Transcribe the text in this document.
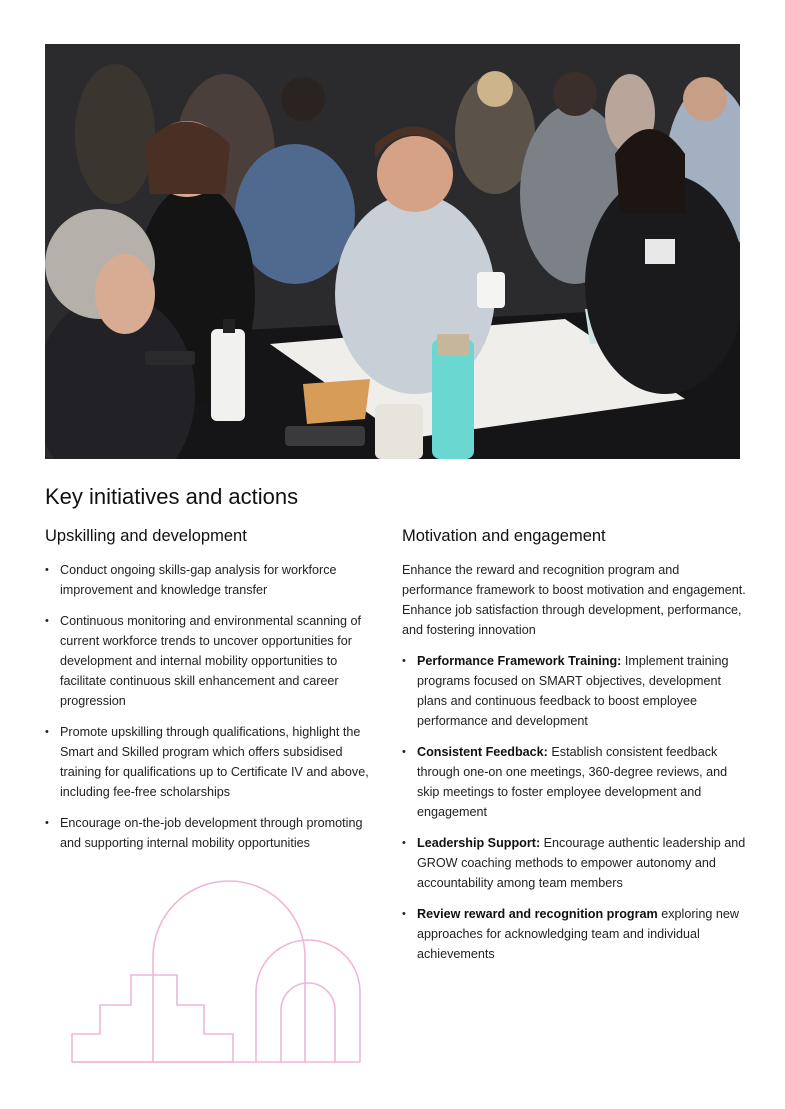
Key initiatives and actions
Upskilling and development
• Conduct ongoing skills-gap analysis for workforce improvement and knowledge transfer
• Continuous monitoring and environmental scanning of current workforce trends to uncover opportunities for development and internal mobility opportunities to facilitate continuous skill enhancement and career progression
• Promote upskilling through qualifications, highlight the Smart and Skilled program which offers subsidised training for qualifications up to Certificate IV and above, including fee-free scholarships
• Encourage on-the-job development through promoting and supporting internal mobility opportunities
Motivation and engagement

Enhance the reward and recognition program and performance framework to boost motivation and engagement. Enhance job satisfaction through development, performance, and fostering innovation

• Performance Framework Training: Implement training programs focused on SMART objectives, development plans and continuous feedback to boost employee performance and development
• Consistent Feedback: Establish consistent feedback through one-on one meetings, 360-degree reviews, and skip meetings to foster employee development and engagement
• Leadership Support: Encourage authentic leadership and GROW coaching methods to empower autonomy and accountability among team members
• Review reward and recognition program exploring new approaches for acknowledging team and individual achievements
